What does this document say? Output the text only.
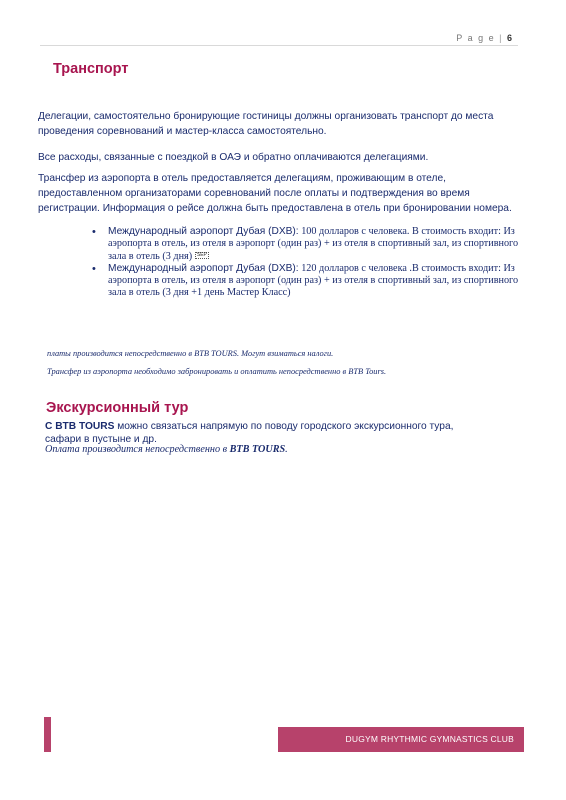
P a g e | 6
Транспорт

Делегации, самостоятельно бронирующие гостиницы должны организовать транспорт до места проведения соревнований и мастер-класса самостоятельно.

Все расходы, связанные с поездкой в ОАЭ и обратно оплачиваются делегациями.

Трансфер из аэропорта в отель предоставляется делегациям, проживающим в отеле, предоставленном организаторами соревнований после оплаты и подтверждения во время регистрации. Информация о рейсе должна быть предоставлена в отель при бронировании номера.

• Международный аэропорт Дубая (DXB): 100 долларов с человека. В стоимость входит: Из аэропорта в отель, из отеля в аэропорт (один раз) + из отеля в спортивный зал, из спортивного зала в отель (3 дня) SEP
• Международный аэропорт Дубая (DXB): 120 долларов с человека .В стоимость входит: Из аэропорта в отель, из отеля в аэропорт (один раз) + из отеля в спортивный зал, из спортивного зала в отель (3 дня +1 день Мастер Класс)

платы производится непосредственно в BTB TOURS. Могут взиматься налоги.

Трансфер из аэропорта необходимо забронировать и оплатить непосредственно в BTB Tours.

Экскурсионный тур

С BTB TOURS можно связаться напрямую по поводу городского экскурсионного тура, сафари в пустыне и др.

Оплата производится непосредственно в BTB TOURS.

DUGYM RHYTHMIC GYMNASTICS CLUB
